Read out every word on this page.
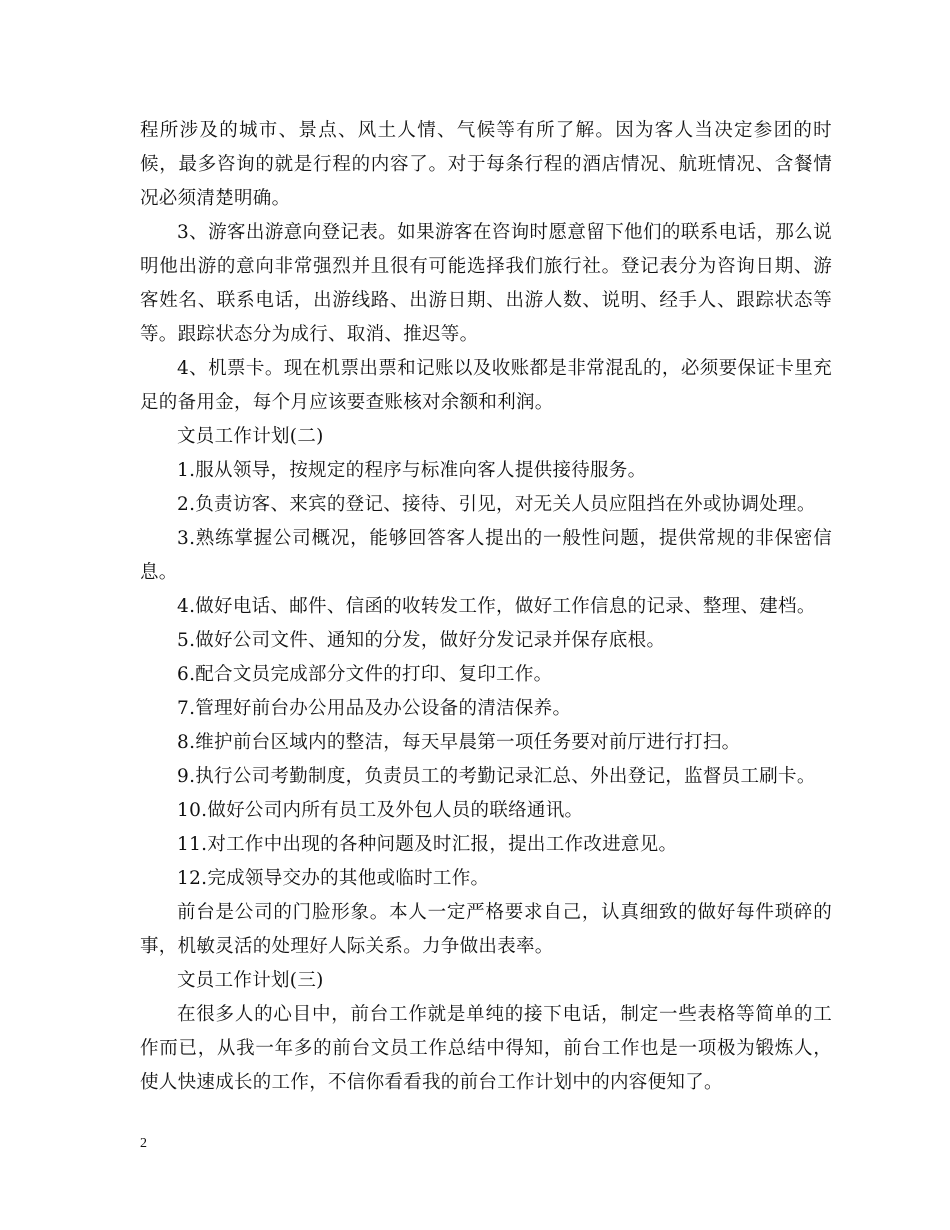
程所涉及的城市、景点、风土人情、气候等有所了解。因为客人当决定参团的时候，最多咨询的就是行程的内容了。对于每条行程的酒店情况、航班情况、含餐情况必须清楚明确。

3、游客出游意向登记表。如果游客在咨询时愿意留下他们的联系电话，那么说明他出游的意向非常强烈并且很有可能选择我们旅行社。登记表分为咨询日期、游客姓名、联系电话，出游线路、出游日期、出游人数、说明、经手人、跟踪状态等等。跟踪状态分为成行、取消、推迟等。

4、机票卡。现在机票出票和记账以及收账都是非常混乱的，必须要保证卡里充足的备用金，每个月应该要查账核对余额和利润。

文员工作计划(二)

1.服从领导，按规定的程序与标准向客人提供接待服务。

2.负责访客、来宾的登记、接待、引见，对无关人员应阻挡在外或协调处理。

3.熟练掌握公司概况，能够回答客人提出的一般性问题，提供常规的非保密信息。

4.做好电话、邮件、信函的收转发工作，做好工作信息的记录、整理、建档。

5.做好公司文件、通知的分发，做好分发记录并保存底根。

6.配合文员完成部分文件的打印、复印工作。

7.管理好前台办公用品及办公设备的清洁保养。

8.维护前台区域内的整洁，每天早晨第一项任务要对前厅进行打扫。

9.执行公司考勤制度，负责员工的考勤记录汇总、外出登记，监督员工刷卡。

10.做好公司内所有员工及外包人员的联络通讯。

11.对工作中出现的各种问题及时汇报，提出工作改进意见。

12.完成领导交办的其他或临时工作。

前台是公司的门脸形象。本人一定严格要求自己，认真细致的做好每件琐碎的事，机敏灵活的处理好人际关系。力争做出表率。

文员工作计划(三)

在很多人的心目中，前台工作就是单纯的接下电话，制定一些表格等简单的工作而已，从我一年多的前台文员工作总结中得知，前台工作也是一项极为锻炼人，使人快速成长的工作，不信你看看我的前台工作计划中的内容便知了。

2
